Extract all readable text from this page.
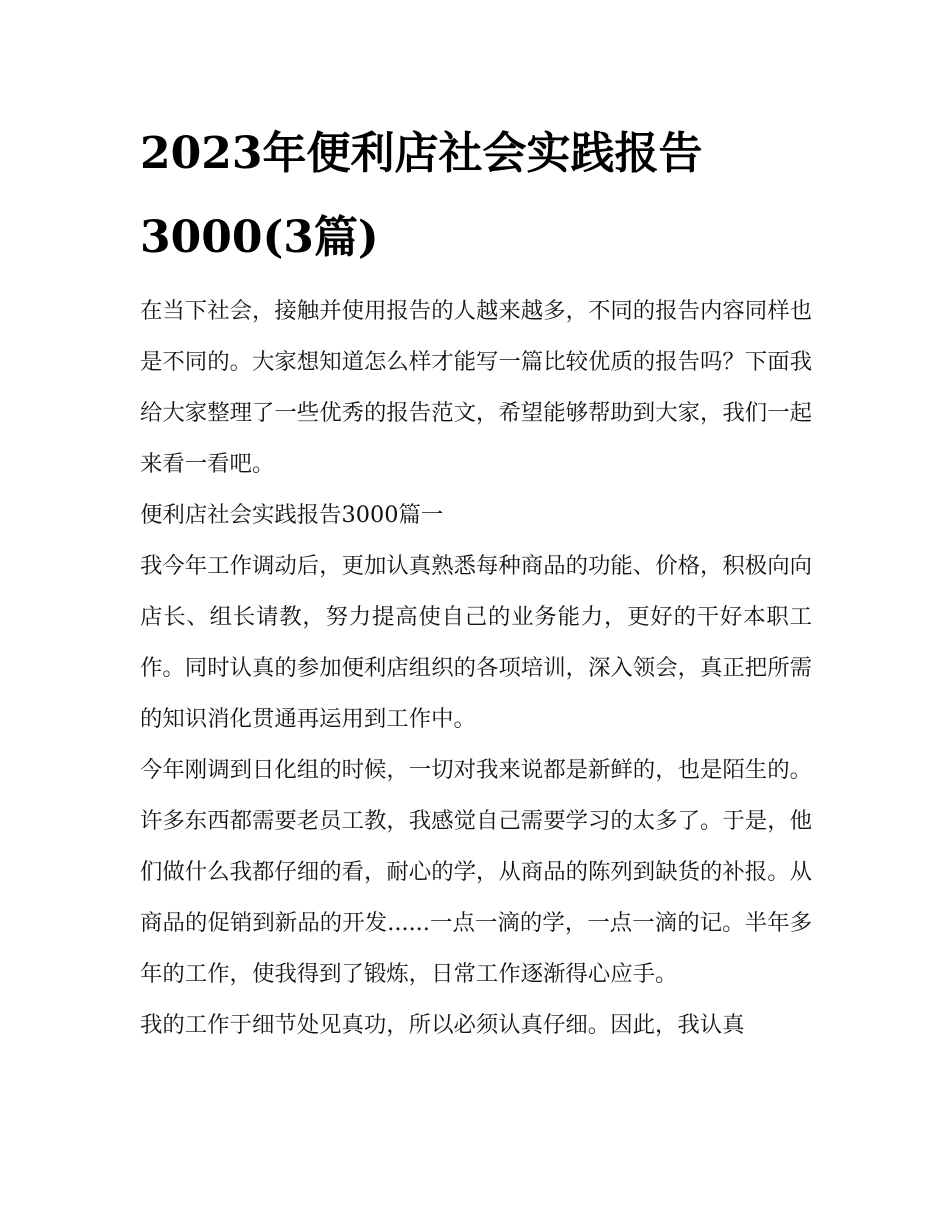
2023年便利店社会实践报告3000(3篇)

在当下社会，接触并使用报告的人越来越多，不同的报告内容同样也是不同的。大家想知道怎么样才能写一篇比较优质的报告吗？下面我给大家整理了一些优秀的报告范文，希望能够帮助到大家，我们一起来看一看吧。

便利店社会实践报告3000篇一

我今年工作调动后，更加认真熟悉每种商品的功能、价格，积极向向店长、组长请教，努力提高使自己的业务能力，更好的干好本职工作。同时认真的参加便利店组织的各项培训，深入领会，真正把所需的知识消化贯通再运用到工作中。

今年刚调到日化组的时候，一切对我来说都是新鲜的，也是陌生的。许多东西都需要老员工教，我感觉自己需要学习的太多了。于是，他们做什么我都仔细的看，耐心的学，从商品的陈列到缺货的补报。从商品的促销到新品的开发......一点一滴的学，一点一滴的记。半年多年的工作，使我得到了锻炼，日常工作逐渐得心应手。

我的工作于细节处见真功，所以必须认真仔细。因此，我认真
